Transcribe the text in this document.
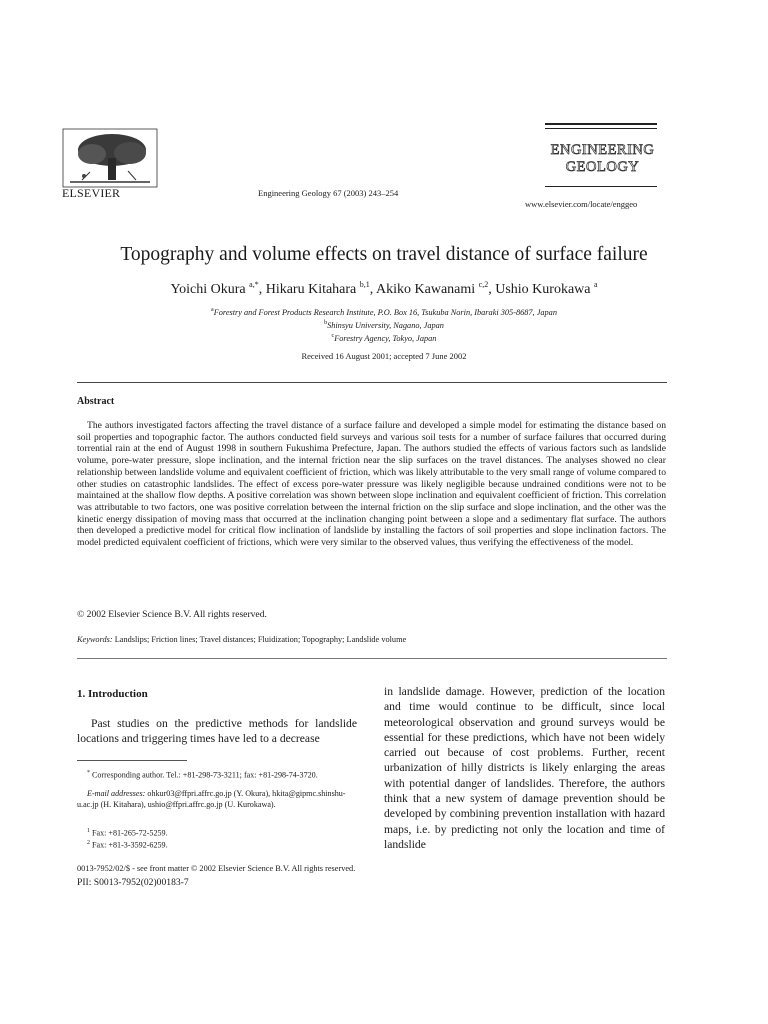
ELSEVIER	Engineering Geology 67 (2003) 243–254
ENGINEERING
GEOLOGY
www.elsevier.com/locate/enggeo
Topography and volume effects on travel distance of surface failure
Yoichi Okura $^{a,*}$, Hikaru Kitahara $^{b,1}$, Akiko Kawanami $^{c,2}$, Ushio Kurokawa $^a$
$^a$Forestry and Forest Products Research Institute, P.O. Box 16, Tsukuba Norin, Ibaraki 305-8687, Japan
$^b$Shinsyu University, Nagano, Japan
$^c$Forestry Agency, Tokyo, Japan
Received 16 August 2001; accepted 7 June 2002
Abstract
The authors investigated factors affecting the travel distance of a surface failure and developed a simple model for estimating the distance based on soil properties and topographic factor. The authors conducted field surveys and various soil tests for a number of surface failures that occurred during torrential rain at the end of August 1998 in southern Fukushima Prefecture, Japan. The authors studied the effects of various factors such as landslide volume, pore-water pressure, slope inclination, and the internal friction near the slip surfaces on the travel distances. The analyses showed no clear relationship between landslide volume and equivalent coefficient of friction, which was likely attributable to the very small range of volume compared to other studies on catastrophic landslides. The effect of excess pore-water pressure was likely negligible because undrained conditions were not to be maintained at the shallow flow depths. A positive correlation was shown between slope inclination and equivalent coefficient of friction. This correlation was attributable to two factors, one was positive correlation between the internal friction on the slip surface and slope inclination, and the other was the kinetic energy dissipation of moving mass that occurred at the inclination changing point between a slope and a sedimentary flat surface. The authors then developed a predictive model for critical flow inclination of landslide by installing the factors of soil properties and slope inclination factors. The model predicted equivalent coefficient of frictions, which were very similar to the observed values, thus verifying the effectiveness of the model.
© 2002 Elsevier Science B.V. All rights reserved.
Keywords: Landslips; Friction lines; Travel distances; Fluidization; Topography; Landslide volume
1. Introduction
Past studies on the predictive methods for landslide locations and triggering times have led to a decrease
in landslide damage. However, prediction of the location and time would continue to be difficult, since local meteorological observation and ground surveys would be essential for these predictions, which have not been widely carried out because of cost problems. Further, recent urbanization of hilly districts is likely enlarging the areas with potential danger of landslides. Therefore, the authors think that a new system of damage prevention should be developed by combining prevention installation with hazard maps, i.e. by predicting not only the location and time of landslide
* Corresponding author. Tel.: +81-298-73-3211; fax: +81-298-74-3720.
E-mail addresses: ohkur03@ffpri.affrc.go.jp (Y. Okura), hkita@gipmc.shinshu-u.ac.jp (H. Kitahara), ushio@ffpri.affrc.go.jp (U. Kurokawa).
$^1$ Fax: +81-265-72-5259.
$^2$ Fax: +81-3-3592-6259.
0013-7952/02/$ - see front matter © 2002 Elsevier Science B.V. All rights reserved.
PII: S0013-7952(02)00183-7
